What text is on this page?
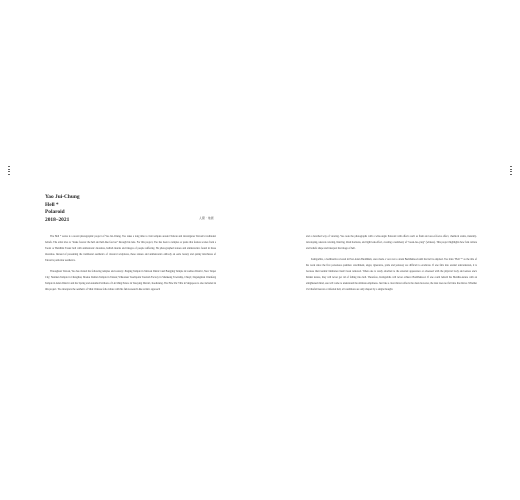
Yao Jui-Chung
Hell *
Polaroid
2018–2021	人間 · 地獄

The Hell * series is a recent photographic project of Yao Jui-Chung. Yao takes a long time to visit temples around Taiwan and investigates Taiwan's traditional beliefs. The artist tries to "make forever the hell and hell-like forever" through his lens. For this project, Yao has been to temples or parks that feature scenes from a Taoist or Buddhist Easter hell with animatronic dioramas, hellish murals and images of people suffering. He photographed statues and animatronics found in these dioramas. Instead of presenting the traditional aesthetics of classical sculptures, these statues and animatronics embody an eerie beauty and quirky kitschness of Taiwan's particular aesthetics.

Throughout Taiwan, Yao has visited the following temples and scenery: Jhaging Temple in Xinwen District and Bangjing Temple in Luzhou District, New Taipei City; Nanmen Temple in Changhua; Madou Daitian Temple in Tainan; Wihounan Touchpoint Tourism Factory in Shenkeng Township, Chiayi; Dagangshan Chunfeng Temple in Alian District and the Spring and Autumn Pavilions of Lin Ming Palace in Tsuoying District, Kaohsiung. The Haw Par Villa in Singapore is also included in this project. Yao interprets the aesthetic of Shui Chinese folk culture with his field-research-like artistic approach

and a detached way of viewing. Yao took the photographs with a wide-angle Polaroid with effects such as flash and out-of-focus effect, chemical stains, instantly-developing, uneven coloring, blurring, tilted horizons, and light leak effect, creating a testimony of "Guan-luo-yang" (witness). This project highlights how folk culture and beliefs shape and interpret the image of hell.

Ksitigarbha, a bodhisattva revered in East Asian Buddhism, once made a vow not to attain Buddhahood until the hell is emptied. Yao titles "Hell *" as the title of his work since the five poisonous qualities: attachment, anger, ignorance, pride and jealousy are difficult to eradicate. If one falls into eternal reincarnation, it is because their karmic hindrance hasn't been removed. When one is rarely attached to the external appearance or obsessed with the physical body and senses one's hidden nature, they will never get rid of falling into hell. Therefore, Ksitigarbha will never achieve Buddhahood. If one could behold his Buddha-nature with an enlightened mind, one will come to understand the ultimate emptiness. Just like a clear mirror reflects the dusts however, the dust does not fall into the mirror. Whether it's blissful heaven or infernal hell, all conditions are only shaped by a single thought.
